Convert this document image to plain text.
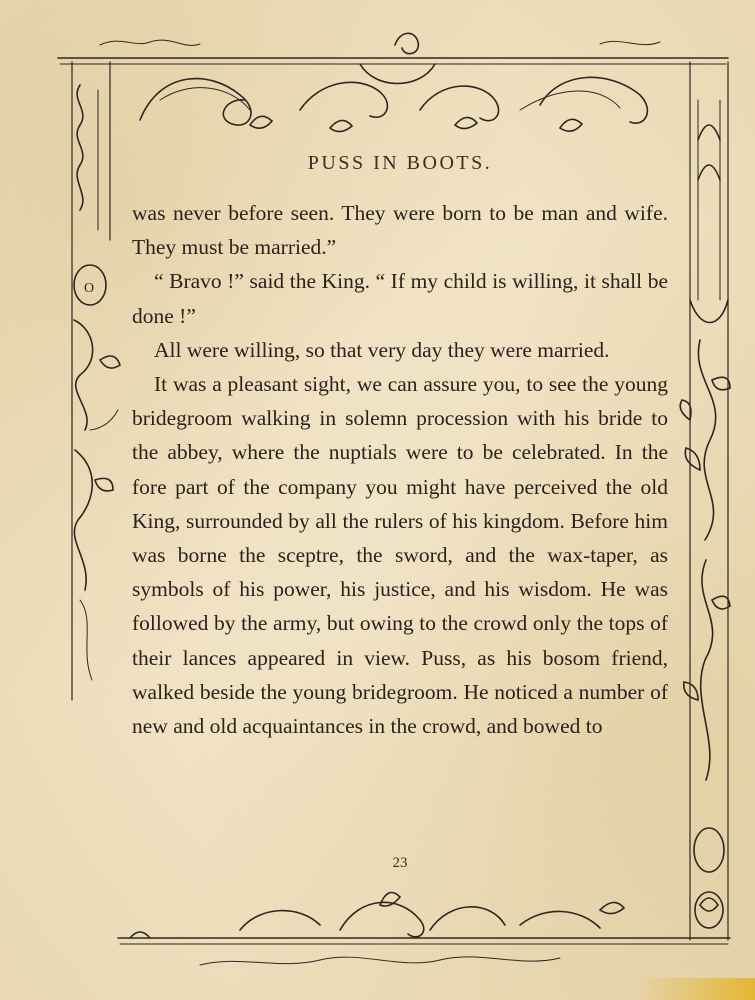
O
PUSS IN BOOTS.

was never before seen. They were born to be man and wife. They must be married.”

“ Bravo !” said the King. “ If my child is willing, it shall be done !”

All were willing, so that very day they were married.

It was a pleasant sight, we can assure you, to see the young bridegroom walking in solemn procession with his bride to the abbey, where the nuptials were to be celebrated. In the fore part of the company you might have perceived the old King, surrounded by all the rulers of his kingdom. Before him was borne the sceptre, the sword, and the wax-taper, as symbols of his power, his justice, and his wisdom. He was followed by the army, but owing to the crowd only the tops of their lances appeared in view. Puss, as his bosom friend, walked beside the young bridegroom. He noticed a number of new and old acquaintances in the crowd, and bowed to

23
